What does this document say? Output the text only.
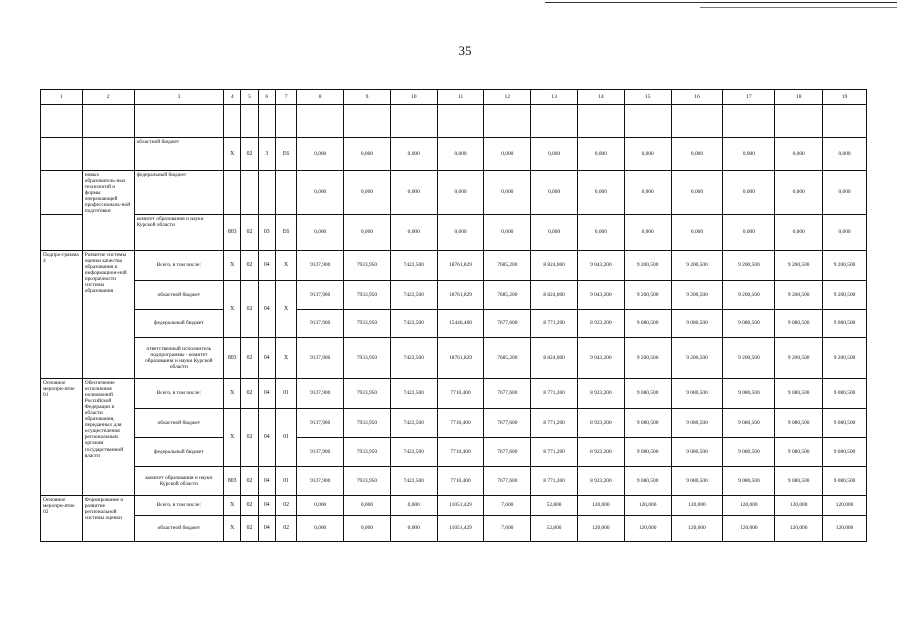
35
1	2	3	4	5	6	7	8	9	10	11	12	13	14	15	16	17	18	19

		областной бюджет	Х	02	3	Е6	0,000	0,000	0,000	0,000	0,000	0,000	0,000	0,000	0,000	0,000	0,000	0,000
	новых образователь-ных технологий и формы опережающей профессиональ-ной подготовки	федеральный бюджет					0,000	0,000	0,000	0,000	0,000	0,000	0,000	0,000	0,000	0,000	0,000	0,000
		комитет образования и науки Курской области	803	02	03	Е6	0,000	0,000	0,000	0,000	0,000	0,000	0,000	0,000	0,000	0,000	0,000	0,000
Подпро-грамма 4	Развитие системы оценки качества образования и информацион-ной прозрачности системы образования	Всего, в том числе:	Х	02	04	Х	9137,900	7933,950	7422,500	18761,829	7685,200	8 824,000	9 043,200	9 200,500	9 200,500	9 200,500	9 200,500	9 200,500
		областной бюджет	Х	02	04	Х	9137,900	7933,950	7422,500	18761,829	7685,200	8 824,000	9 043,200	9 200,500	9 200,500	9 200,500	9 200,500	9 200,500
		федеральный бюджет					9137,900	7933,950	7422,500	15446,400	7677,600	8 771,200	8 923,200	9 080,500	9 080,500	9 080,500	9 080,500	9 080,500
		ответственный исполнитель подпрограммы - комитет образования и науки Курской области	803	02	04	Х	9137,900	7933,950	7422,500	18761,829	7685,200	8 824,000	9 043,200	9 200,500	9 200,500	9 200,500	9 200,500	9 200,500
Основное меропри-ятие 01	Обеспечение исполнения полномочий Российской Федерации в области образования, переданных для осуществления региональным органам государственной власти	Всего, в том числе:	Х	02	04	01	9137,900	7933,950	7422,500	7710,400	7677,600	8 771,200	8 923,200	9 080,500	9 080,500	9 080,500	9 080,500	9 080,500
		областной бюджет	Х	02	04	01	9137,900	7933,950	7422,500	7710,400	7677,600	8 771,200	8 923,200	9 080,500	9 080,500	9 080,500	9 080,500	9 080,500
		федеральный бюджет					9137,900	7933,950	7422,500	7710,400	7677,600	8 771,200	8 923,200	9 080,500	9 080,500	9 080,500	9 080,500	9 080,500
		комитет образования и науки Курской области	803	02	04	01	9137,900	7933,950	7422,500	7710,400	7677,600	8 771,200	8 923,200	9 080,500	9 080,500	9 080,500	9 080,500	9 080,500
Основное меропри-ятие 02	Формирование и развитие региональной системы оценки	Всего, в том числе:	Х	02	04	02	0,000	0,000	0,000	11051,429	7,600	52,800	120,000	120,000	120,000	120,000	120,000	120,000
		областной бюджет	Х	02	04	02	0,000	0,000	0,000	11051,429	7,600	52,800	120,000	120,000	120,000	120,000	120,000	120,000
